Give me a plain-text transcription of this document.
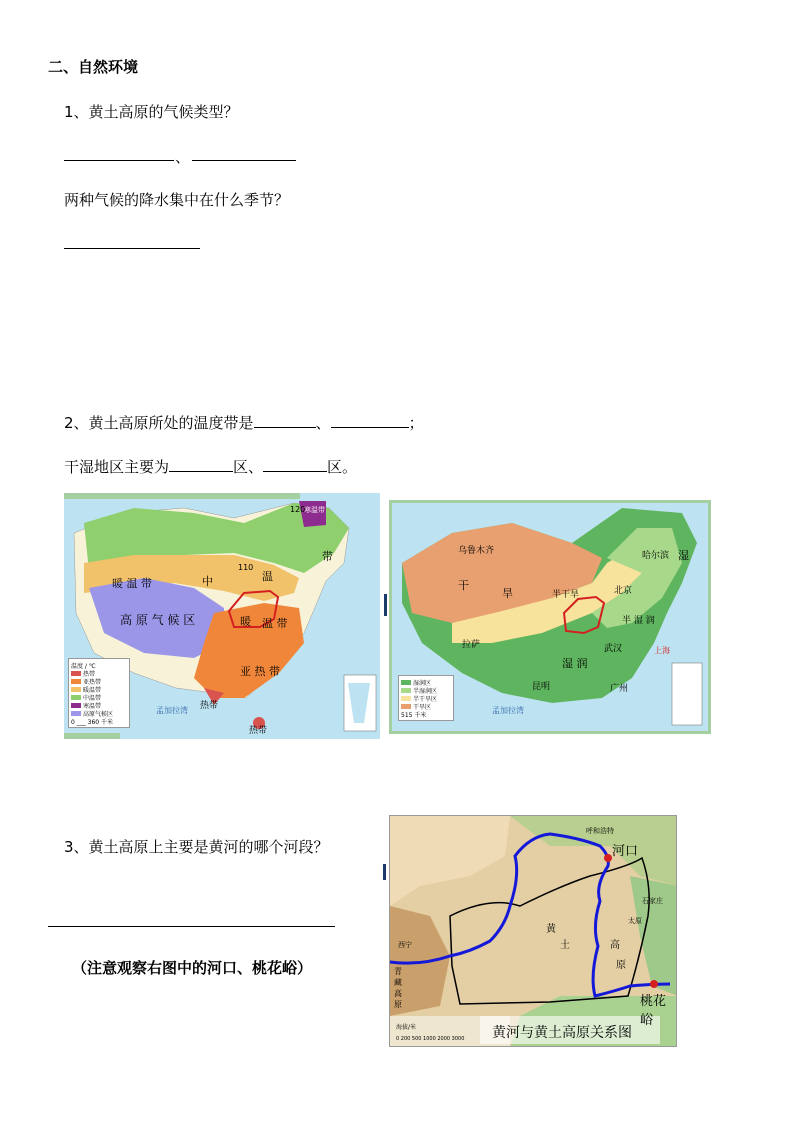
二、自然环境
1、黄土高原的气候类型？
、
两种气候的降水集中在什么季节？
2、黄土高原所处的温度带是	、	；
干湿地区主要为	区、	区。
暖 温 带	中	温
带
高 原 气 候 区	暖 温 带
亚 热 带
热带
热带
寒温带
120
110
孟加拉湾
温度 / ℃
热带
亚热带
暖温带
中温带
寒温带
高原气候区
0 ___ 360 千米
乌鲁木齐	哈尔滨
北京
拉萨	武汉	上海
昆明	广州
干
旱	半干旱
湿
半 湿 润
湿 润
孟加拉湾
湿润区
半湿润区
半干旱区
干旱区
515 千米
3、黄土高原上主要是黄河的哪个河段？
（注意观察右图中的河口、桃花峪）
河口
桃花峪
黄河与黄土高原关系图
青藏高原
西宁
呼和浩特
太原
石家庄
黄
土	高
原
海拔/米
0 200 500 1000 2000 3000
